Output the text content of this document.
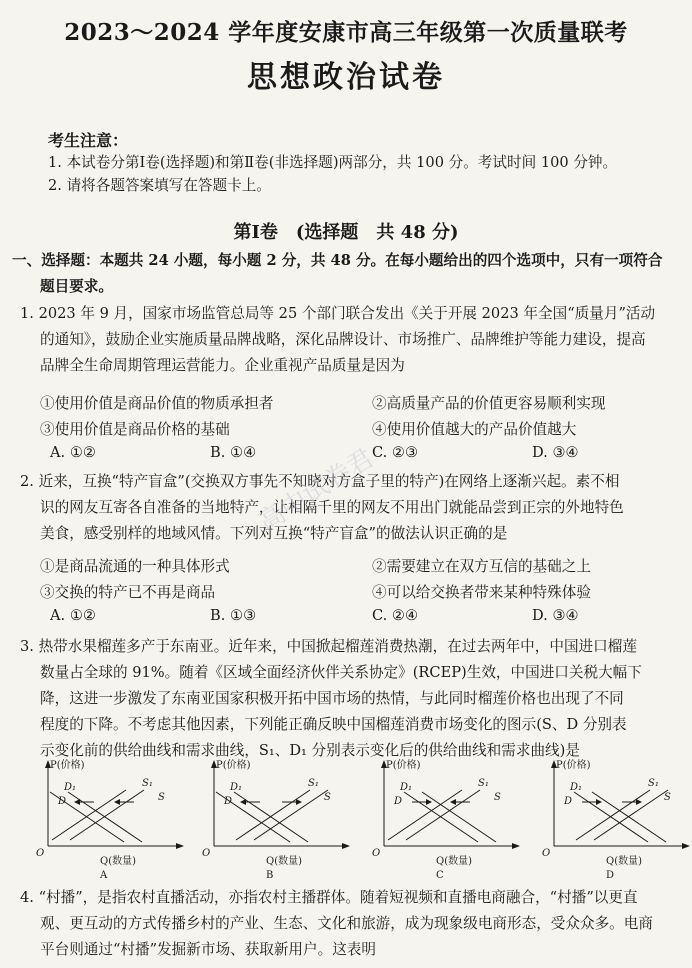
2023～2024 学年度安康市高三年级第一次质量联考
思想政治试卷
考生注意：
1. 本试卷分第Ⅰ卷(选择题)和第Ⅱ卷(非选择题)两部分，共 100 分。考试时间 100 分钟。
2. 请将各题答案填写在答题卡上。
第Ⅰ卷　(选择题　共 48 分)
一、选择题：本题共 24 小题，每小题 2 分，共 48 分。在每小题给出的四个选项中，只有一项符合
题目要求。
1. 2023 年 9 月，国家市场监管总局等 25 个部门联合发出《关于开展 2023 年全国“质量月”活动
的通知》，鼓励企业实施质量品牌战略，深化品牌设计、市场推广、品牌维护等能力建设，提高
品牌全生命周期管理运营能力。企业重视产品质量是因为
①使用价值是商品价值的物质承担者	②高质量产品的价值更容易顺利实现
③使用价值是商品价格的基础	④使用价值越大的产品价值越大
A. ①②	B. ①④	C. ②③	D. ③④
2. 近来，互换“特产盲盒”(交换双方事先不知晓对方盒子里的特产)在网络上逐渐兴起。素不相
识的网友互寄各自准备的当地特产，让相隔千里的网友不用出门就能品尝到正宗的外地特色
美食，感受别样的地域风情。下列对互换“特产盲盒”的做法认识正确的是
①是商品流通的一种具体形式	②需要建立在双方互信的基础之上
③交换的特产已不再是商品	④可以给交换者带来某种特殊体验
A. ①②	B. ①③	C. ②④	D. ③④
3. 热带水果榴莲多产于东南亚。近年来，中国掀起榴莲消费热潮，在过去两年中，中国进口榴莲
数量占全球的 91%。随着《区域全面经济伙伴关系协定》(RCEP)生效，中国进口关税大幅下
降，这进一步激发了东南亚国家积极开拓中国市场的热情，与此同时榴莲价格也出现了不同
程度的下降。不考虑其他因素，下列能正确反映中国榴莲消费市场变化的图示(S、D 分别表
示变化前的供给曲线和需求曲线，S₁、D₁ 分别表示变化后的供给曲线和需求曲线)是
P(价格)
Q(数量)
O
D₁	S₁
S
D
A
P(价格)
Q(数量)
O
D₁	S₁
S
D
B
P(价格)
Q(数量)
O
D₁	S₁
S
D
C
P(价格)
Q(数量)
O
D₁	S₁
S
D
D
4. “村播”，是指农村直播活动，亦指农村主播群体。随着短视频和直播电商融合，“村播”以更直
观、更互动的方式传播乡村的产业、生态、文化和旅游，成为现象级电商形态，受众众多。电商
平台则通过“村播”发掘新市场、获取新用户。这表明
高中试卷君
